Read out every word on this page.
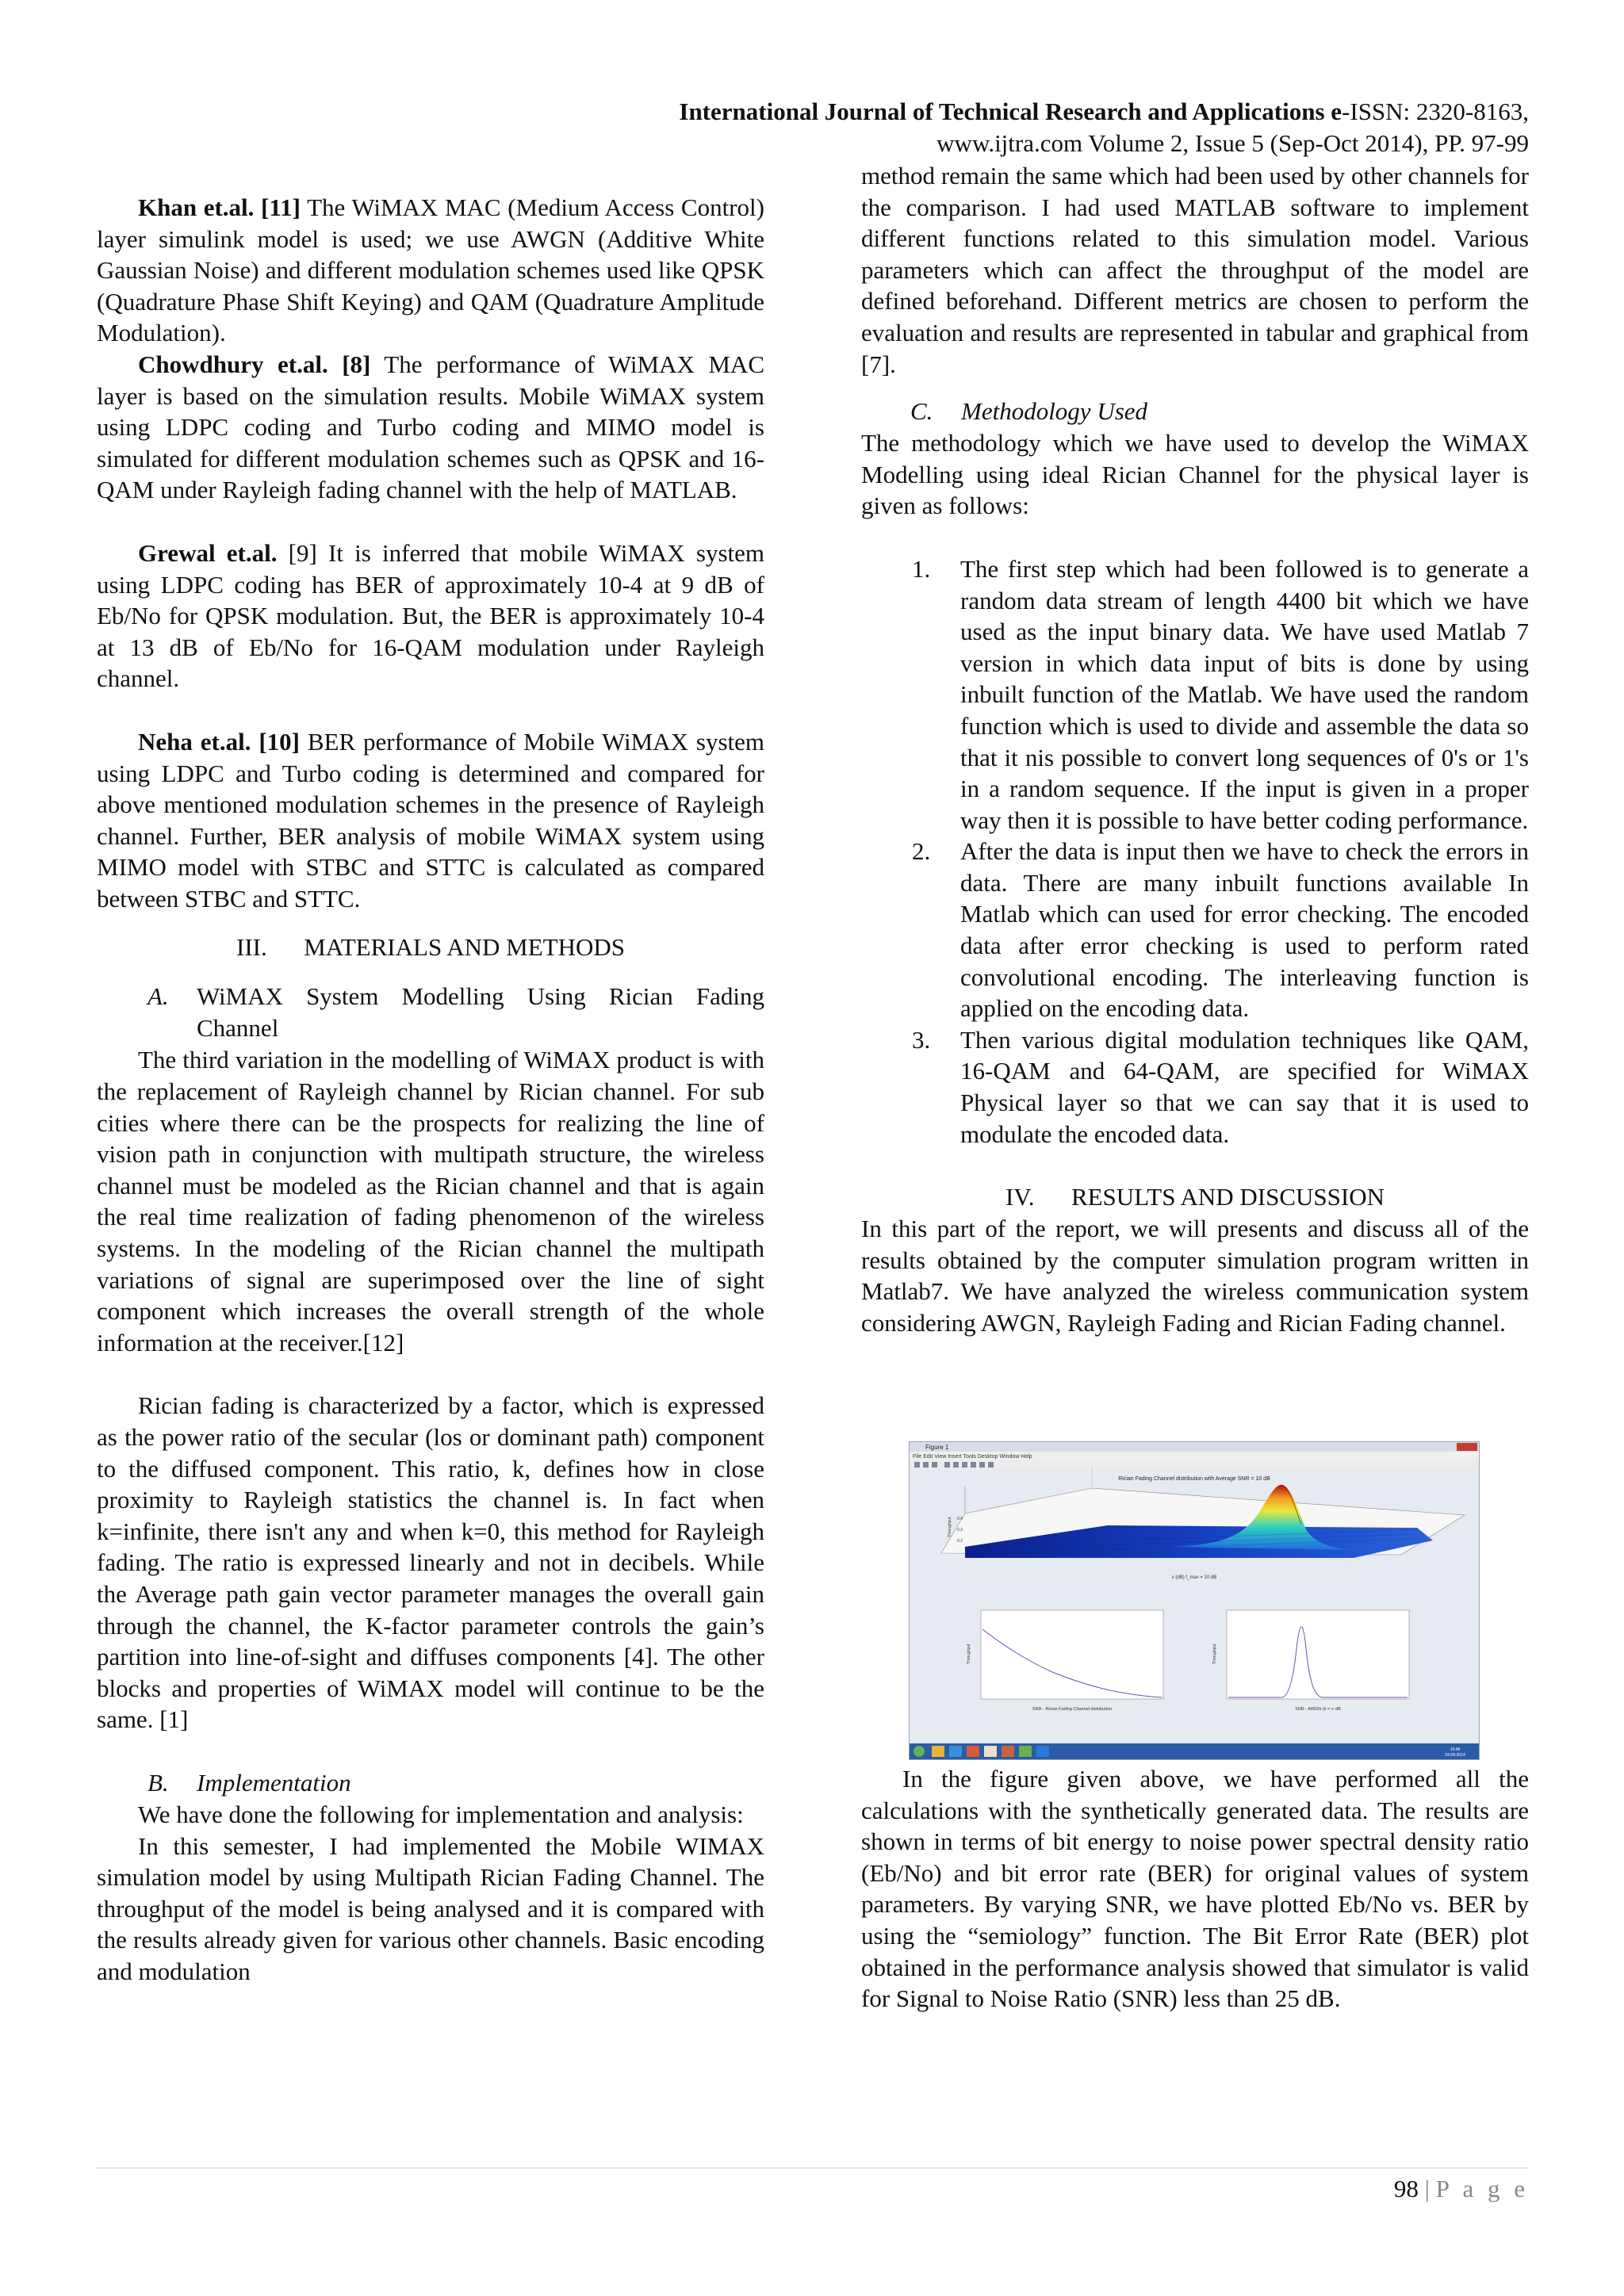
International Journal of Technical Research and Applications e-ISSN: 2320-8163,
www.ijtra.com Volume 2, Issue 5 (Sep-Oct 2014), PP. 97-99

Khan et.al. [11] The WiMAX MAC (Medium Access Control) layer simulink model is used; we use AWGN (Additive White Gaussian Noise) and different modulation schemes used like QPSK (Quadrature Phase Shift Keying) and QAM (Quadrature Amplitude Modulation).

Chowdhury et.al. [8] The performance of WiMAX MAC layer is based on the simulation results. Mobile WiMAX system using LDPC coding and Turbo coding and MIMO model is simulated for different modulation schemes such as QPSK and 16-QAM under Rayleigh fading channel with the help of MATLAB.

Grewal et.al. [9] It is inferred that mobile WiMAX system using LDPC coding has BER of approximately 10-4 at 9 dB of Eb/No for QPSK modulation. But, the BER is approximately 10-4 at 13 dB of Eb/No for 16-QAM modulation under Rayleigh channel.

Neha et.al. [10] BER performance of Mobile WiMAX system using LDPC and Turbo coding is determined and compared for above mentioned modulation schemes in the presence of Rayleigh channel. Further, BER analysis of mobile WiMAX system using MIMO model with STBC and STTC is calculated as compared between STBC and STTC.

III.      MATERIALS AND METHODS

A. WiMAX System Modelling Using Rician Fading Channel

The third variation in the modelling of WiMAX product is with the replacement of Rayleigh channel by Rician channel. For sub cities where there can be the prospects for realizing the line of vision path in conjunction with multipath structure, the wireless channel must be modeled as the Rician channel and that is again the real time realization of fading phenomenon of the wireless systems. In the modeling of the Rician channel the multipath variations of signal are superimposed over the line of sight component which increases the overall strength of the whole information at the receiver.[12]

Rician fading is characterized by a factor, which is expressed as the power ratio of the secular (los or dominant path) component to the diffused component. This ratio, k, defines how in close proximity to Rayleigh statistics the channel is. In fact when k=infinite, there isn't any and when k=0, this method for Rayleigh fading. The ratio is expressed linearly and not in decibels. While the Average path gain vector parameter manages the overall gain through the channel, the K-factor parameter controls the gain’s partition into line-of-sight and diffuses components [4]. The other blocks and properties of WiMAX model will continue to be the same. [1]

B. Implementation

We have done the following for implementation and analysis:

In this semester, I had implemented the Mobile WIMAX simulation model by using Multipath Rician Fading Channel. The throughput of the model is being analysed and it is compared with the results already given for various other channels. Basic encoding and modulation

method remain the same which had been used by other channels for the comparison. I had used MATLAB software to implement different functions related to this simulation model. Various parameters which can affect the throughput of the model are defined beforehand. Different metrics are chosen to perform the evaluation and results are represented in tabular and graphical from [7].

C. Methodology Used

The methodology which we have used to develop the WiMAX Modelling using ideal Rician Channel for the physical layer is given as follows:

1. The first step which had been followed is to generate a random data stream of length 4400 bit which we have used as the input binary data. We have used Matlab 7 version in which data input of bits is done by using inbuilt function of the Matlab. We have used the random function which is used to divide and assemble the data so that it nis possible to convert long sequences of 0's or 1's in a random sequence. If the input is given in a proper way then it is possible to have better coding performance.
2. After the data is input then we have to check the errors in data. There are many inbuilt functions available In Matlab which can used for error checking. The encoded data after error checking is used to perform rated convolutional encoding. The interleaving function is applied on the encoding data.
3. Then various digital modulation techniques like QAM, 16-QAM and 64-QAM, are specified for WiMAX Physical layer so that we can say that it is used to modulate the encoded data.

IV.      RESULTS AND DISCUSSION

In this part of the report, we will presents and discuss all of the results obtained by the computer simulation program written in Matlab7. We have analyzed the wireless communication system considering AWGN, Rayleigh Fading and Rician Fading channel.

Figure 1
File Edit View Insert Tools Desktop Window Help
Rician Fading Channel distribution with Average SNR = 10 dB
0.4
0.3
0.2
Throughput
v (dB) f_max = 10 dB
Throughput
SNR - Rician Fading Channel distribution
Throughput
SNR - AWGN (k = ∞ dB
10:48
24-09-2014

In the figure given above, we have performed all the calculations with the synthetically generated data. The results are shown in terms of bit energy to noise power spectral density ratio (Eb/No) and bit error rate (BER) for original values of system parameters. By varying SNR, we have plotted Eb/No vs. BER by using the “semiology” function. The Bit Error Rate (BER) plot obtained in the performance analysis showed that simulator is valid for Signal to Noise Ratio (SNR) less than 25 dB.

98 | P a g e
